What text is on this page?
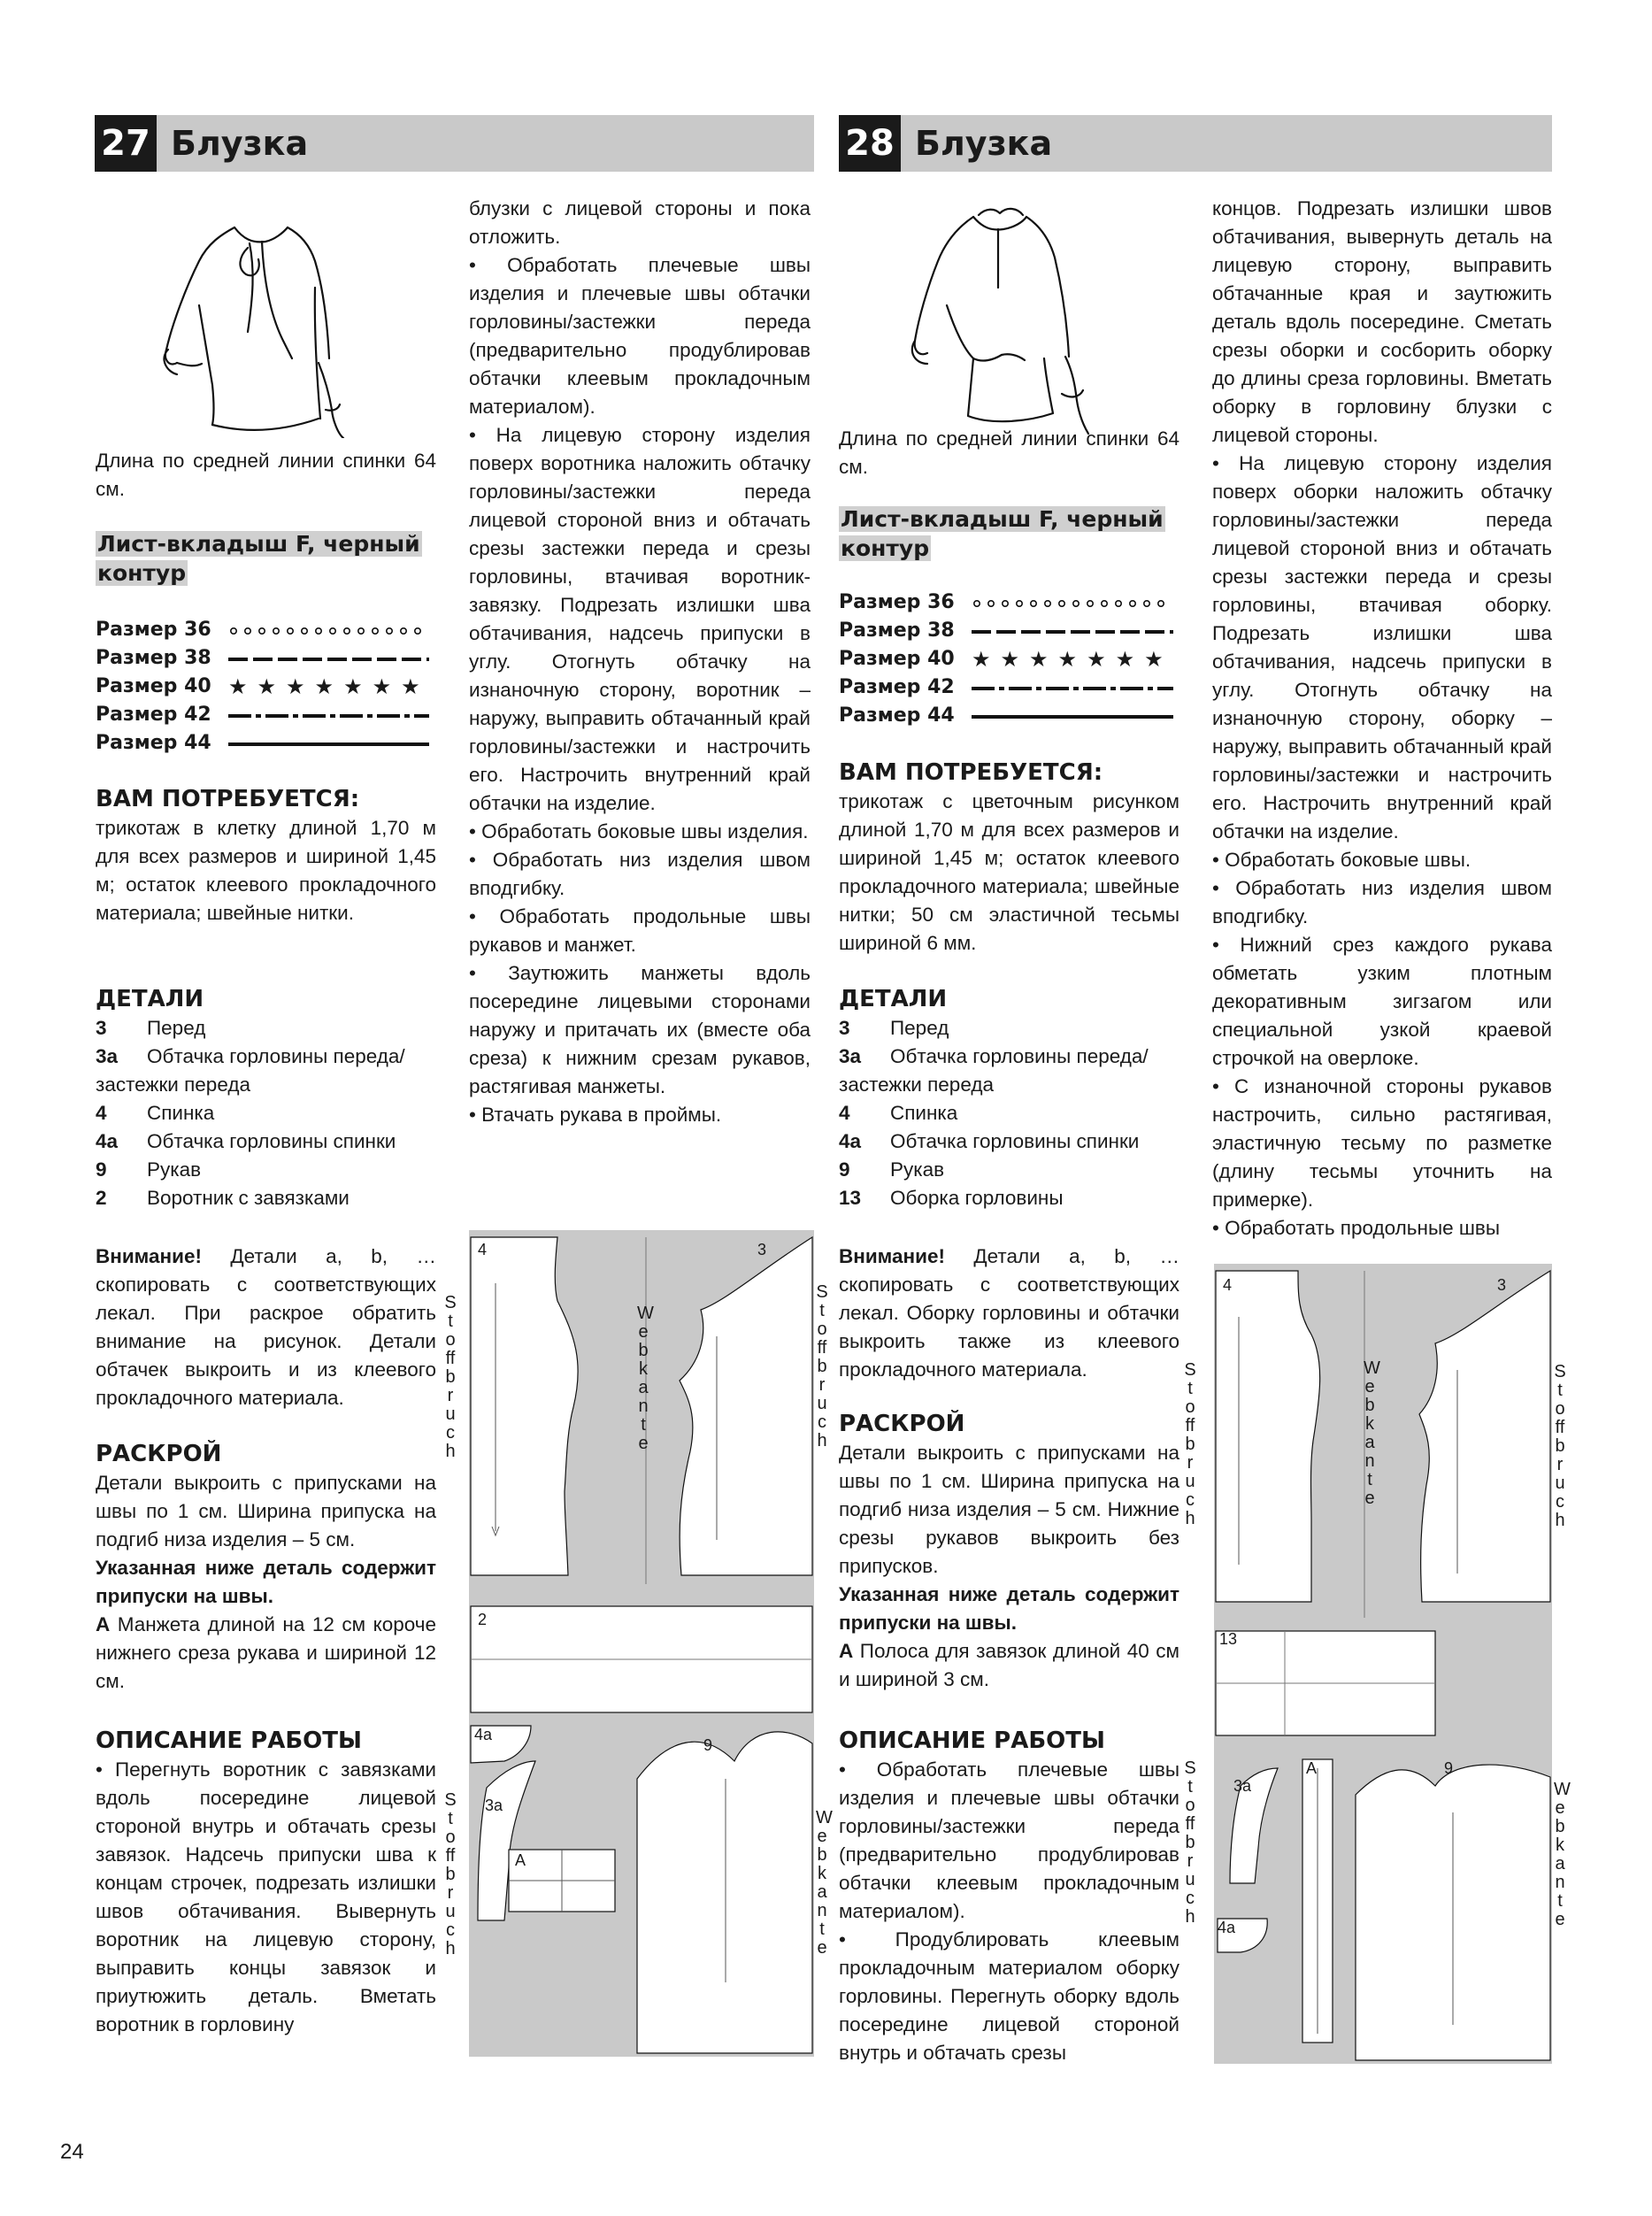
27 Блузка	28 Блузка
Длина по средней линии спинки 64 см.
Лист-вкладыш F, черный контур
Размер 36
Размер 38
Размер 40 ★★★★★★★
Размер 42
Размер 44

ВАМ ПОТРЕБУЕТСЯ:

трикотаж в клетку длиной 1,70 м для всех размеров и шириной 1,45 м; остаток клеевого прокладочного материала; швейные нитки.

ДЕТАЛИ

3	Перед
3a	Обтачка горловины переда/
застежки переда
4	Спинка
4a	Обтачка горловины спинки
9	Рукав
2	Воротник с завязками
Внимание! Детали a, b, … скопировать с соответствующих лекал. При раскрое обратить внимание на рисунок. Детали обтачек выкроить и из клеевого прокладочного материала.

РАСКРОЙ

Детали выкроить с припусками на швы по 1 см. Ширина припуска на подгиб низа изделия – 5 см.
Указанная ниже деталь содержит припуски на швы.
А Манжета длиной на 12 см короче нижнего среза рукава и шириной 12 см.

ОПИСАНИЕ РАБОТЫ

• Перегнуть воротник с завязками вдоль посередине лицевой стороной внутрь и обтачать срезы завязок. Надсечь припуски шва к концам строчек, подрезать излишки швов обтачивания. Вывернуть воротник на лицевую сторону, выправить концы завязок и приутюжить деталь. Вметать воротник в горловину

блузки с лицевой стороны и пока отложить.

• Обработать плечевые швы изделия и плечевые швы обтачки горловины/застежки переда (предварительно продублировав обтачки клеевым прокладочным материалом).

• На лицевую сторону изделия поверх воротника наложить обтачку горловины/застежки переда лицевой стороной вниз и обтачать срезы застежки переда и срезы горловины, втачивая воротник-завязку. Подрезать излишки шва обтачивания, надсечь припуски в углу. Отогнуть обтачку на изнаночную сторону, воротник – наружу, выправить обтачанный край горловины/застежки и настрочить его. Настрочить внутренний край обтачки на изделие.

• Обработать боковые швы изделия.

• Обработать низ изделия швом вподгибку.

• Обработать продольные швы рукавов и манжет.

• Заутюжить манжеты вдоль посередине лицевыми сторонами наружу и притачать их (вместе оба среза) к нижним срезам рукавов, растягивая манжеты.

• Втачать рукава в проймы.

4	3
2
4a
3a
A
9
Webkante
Stoffbruch
Stoffbruch
Stoffbruch
Webkante
Длина по средней линии спинки 64 см.
Лист-вкладыш F, черный контур
Размер 36
Размер 38
Размер 40 ★★★★★★★
Размер 42
Размер 44

ВАМ ПОТРЕБУЕТСЯ:

трикотаж с цветочным рисунком длиной 1,70 м для всех размеров и шириной 1,45 м; остаток клеевого прокладочного материала; швейные нитки; 50 см эластичной тесьмы шириной 6 мм.

ДЕТАЛИ

3	Перед
3a	Обтачка горловины переда/
застежки переда
4	Спинка
4a	Обтачка горловины спинки
9	Рукав
13	Оборка горловины
Внимание! Детали a, b, … скопировать с соответствующих лекал. Оборку горловины и обтачки выкроить также из клеевого прокладочного материала.

РАСКРОЙ

Детали выкроить с припусками на швы по 1 см. Ширина припуска на подгиб низа изделия – 5 см. Нижние срезы рукавов выкроить без припусков.
Указанная ниже деталь содержит припуски на швы.
А Полоса для завязок длиной 40 см и шириной 3 см.

ОПИСАНИЕ РАБОТЫ

• Обработать плечевые швы изделия и плечевые швы обтачки горловины/застежки переда (предварительно продублировав обтачки клеевым прокладочным материалом).
• Продублировать клеевым прокладочным материалом оборку горловины. Перегнуть оборку вдоль посередине лицевой стороной внутрь и обтачать срезы

концов. Подрезать излишки швов обтачивания, вывернуть деталь на лицевую сторону, выправить обтачанные края и заутюжить деталь вдоль посередине. Сметать срезы оборки и сосборить оборку до длины среза горловины. Вметать оборку в горловину блузки с лицевой стороны.

• На лицевую сторону изделия поверх оборки наложить обтачку горловины/застежки переда лицевой стороной вниз и обтачать срезы застежки переда и срезы горловины, втачивая оборку. Подрезать излишки шва обтачивания, надсечь припуски в углу. Отогнуть обтачку на изнаночную сторону, оборку – наружу, выправить обтачанный край горловины/застежки и настрочить его. Настрочить внутренний край обтачки на изделие.

• Обработать боковые швы.

• Обработать низ изделия швом вподгибку.

• Нижний срез каждого рукава обметать узким плотным декоративным зигзагом или специальной узкой краевой строчкой на оверлоке.

• С изнаночной стороны рукавов настрочить, сильно растягивая, эластичную тесьму по разметке (длину тесьмы уточнить на примерке).

• Обработать продольные швы

4	3
13
3a
4a
A	9
Webkante
Stoffbruch
Stoffbruch
Stoffbruch
Webkante
24
